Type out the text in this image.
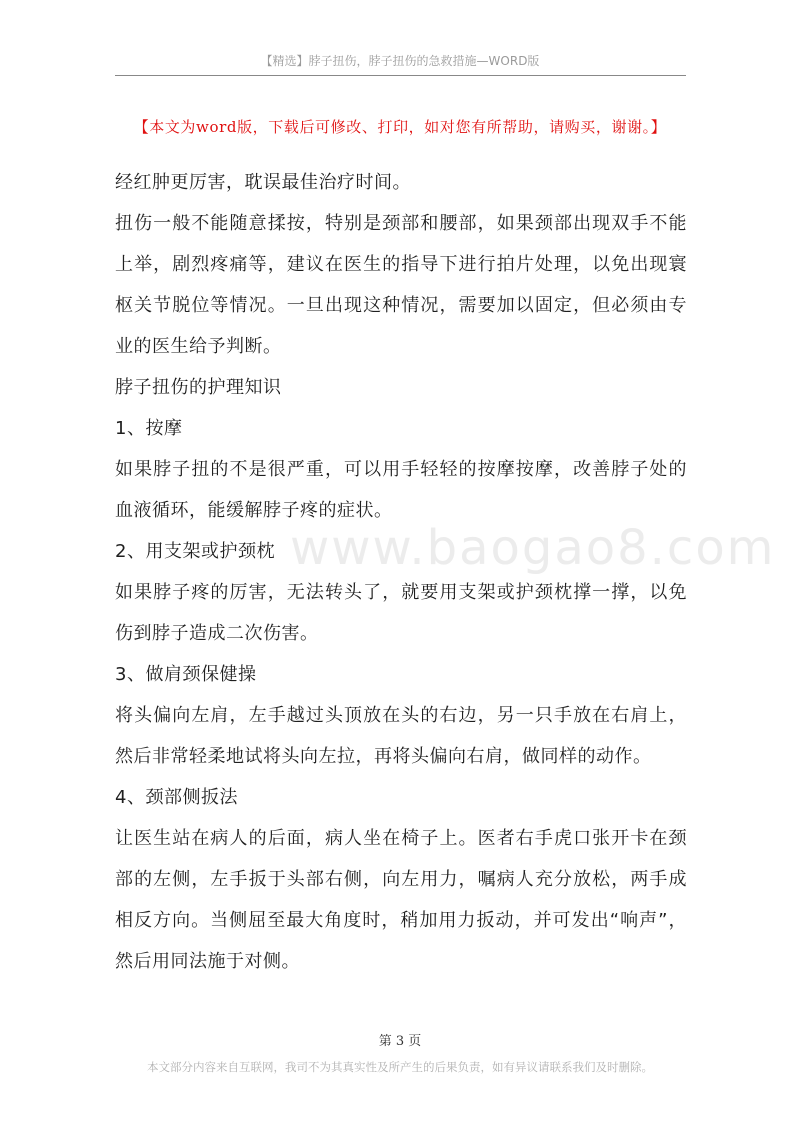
【精选】脖子扭伤，脖子扭伤的急救措施—WORD版
【本文为word版，下载后可修改、打印，如对您有所帮助，请购买，谢谢。】
www.baogao8.com

经红肿更厉害，耽误最佳治疗时间。

扭伤一般不能随意揉按，特别是颈部和腰部，如果颈部出现双手不能上举，剧烈疼痛等，建议在医生的指导下进行拍片处理，以免出现寰枢关节脱位等情况。一旦出现这种情况，需要加以固定，但必须由专业的医生给予判断。

脖子扭伤的护理知识

1、按摩

如果脖子扭的不是很严重，可以用手轻轻的按摩按摩，改善脖子处的血液循环，能缓解脖子疼的症状。

2、用支架或护颈枕

如果脖子疼的厉害，无法转头了，就要用支架或护颈枕撑一撑，以免伤到脖子造成二次伤害。

3、做肩颈保健操

将头偏向左肩，左手越过头顶放在头的右边，另一只手放在右肩上，然后非常轻柔地试将头向左拉，再将头偏向右肩，做同样的动作。

4、颈部侧扳法

让医生站在病人的后面，病人坐在椅子上。医者右手虎口张开卡在颈部的左侧，左手扳于头部右侧，向左用力，嘱病人充分放松，两手成相反方向。当侧屈至最大角度时，稍加用力扳动，并可发出“响声”，然后用同法施于对侧。

第 3 页
本文部分内容来自互联网，我司不为其真实性及所产生的后果负责，如有异议请联系我们及时删除。
